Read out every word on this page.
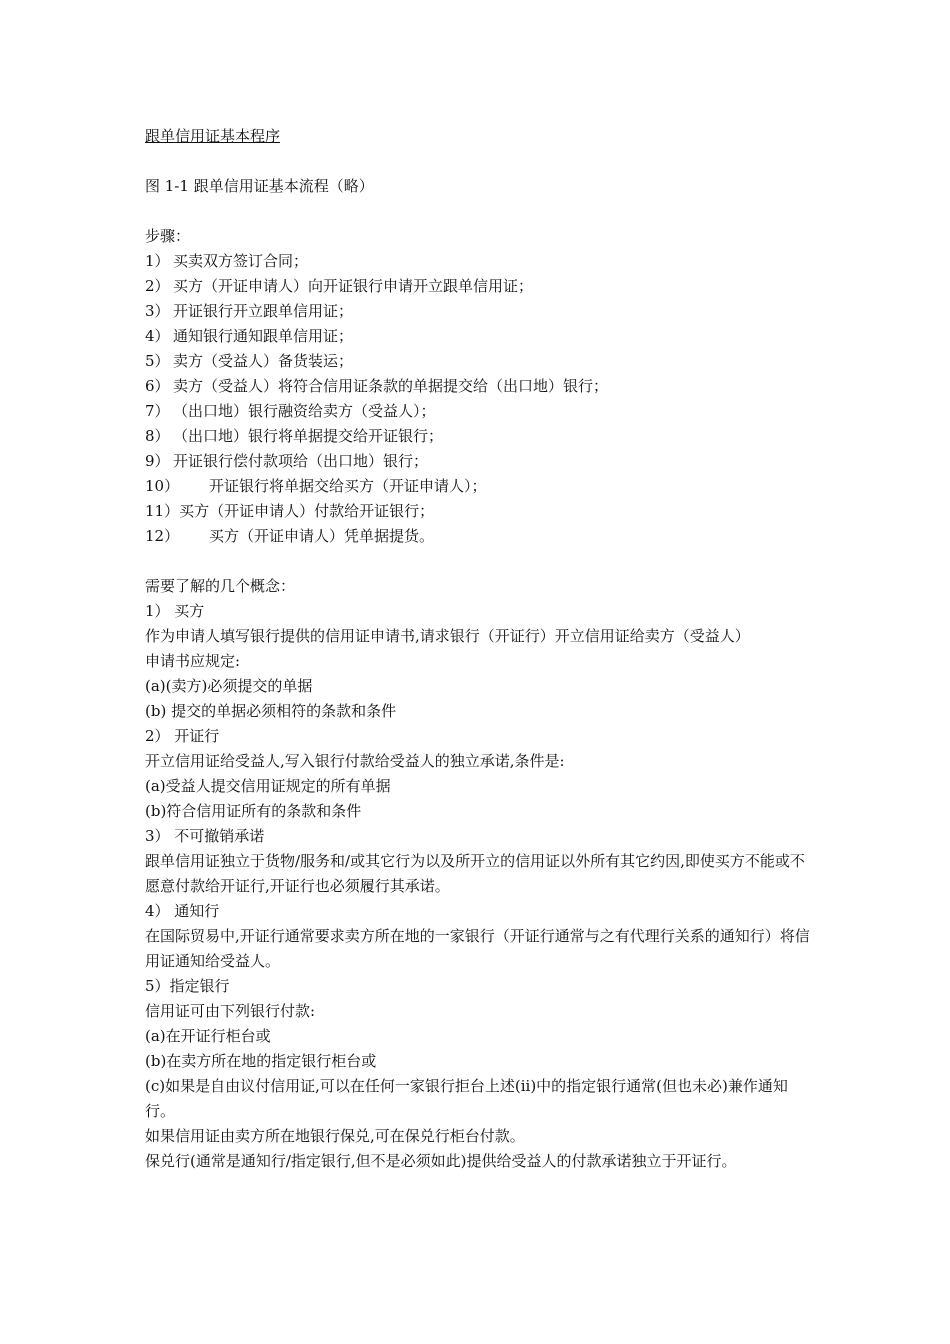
跟单信用证基本程序
图 1-1 跟单信用证基本流程（略）
步骤：
1） 买卖双方签订合同；
2） 买方（开证申请人）向开证银行申请开立跟单信用证；
3） 开证银行开立跟单信用证；
4） 通知银行通知跟单信用证；
5） 卖方（受益人）备货装运；
6） 卖方（受益人）将符合信用证条款的单据提交给（出口地）银行；
7） （出口地）银行融资给卖方（受益人）；
8） （出口地）银行将单据提交给开证银行；
9） 开证银行偿付款项给（出口地）银行；
10） 开证银行将单据交给买方（开证申请人）；
11）买方（开证申请人）付款给开证银行；
12） 买方（开证申请人）凭单据提货。
需要了解的几个概念：
1） 买方
作为申请人填写银行提供的信用证申请书,请求银行（开证行）开立信用证给卖方（受益人）
申请书应规定:
(a)(卖方)必须提交的单据
(b) 提交的单据必须相符的条款和条件
2） 开证行
开立信用证给受益人,写入银行付款给受益人的独立承诺,条件是:
(a)受益人提交信用证规定的所有单据
(b)符合信用证所有的条款和条件
3） 不可撤销承诺
跟单信用证独立于货物/服务和/或其它行为以及所开立的信用证以外所有其它约因,即使买方不能或不愿意付款给开证行,开证行也必须履行其承诺。
4） 通知行
在国际贸易中,开证行通常要求卖方所在地的一家银行（开证行通常与之有代理行关系的通知行）将信用证通知给受益人。
5）指定银行
信用证可由下列银行付款:
(a)在开证行柜台或
(b)在卖方所在地的指定银行柜台或
(c)如果是自由议付信用证,可以在任何一家银行拒台上述(ii)中的指定银行通常(但也未必)兼作通知行。
如果信用证由卖方所在地银行保兑,可在保兑行柜台付款。
保兑行(通常是通知行/指定银行,但不是必须如此)提供给受益人的付款承诺独立于开证行。
